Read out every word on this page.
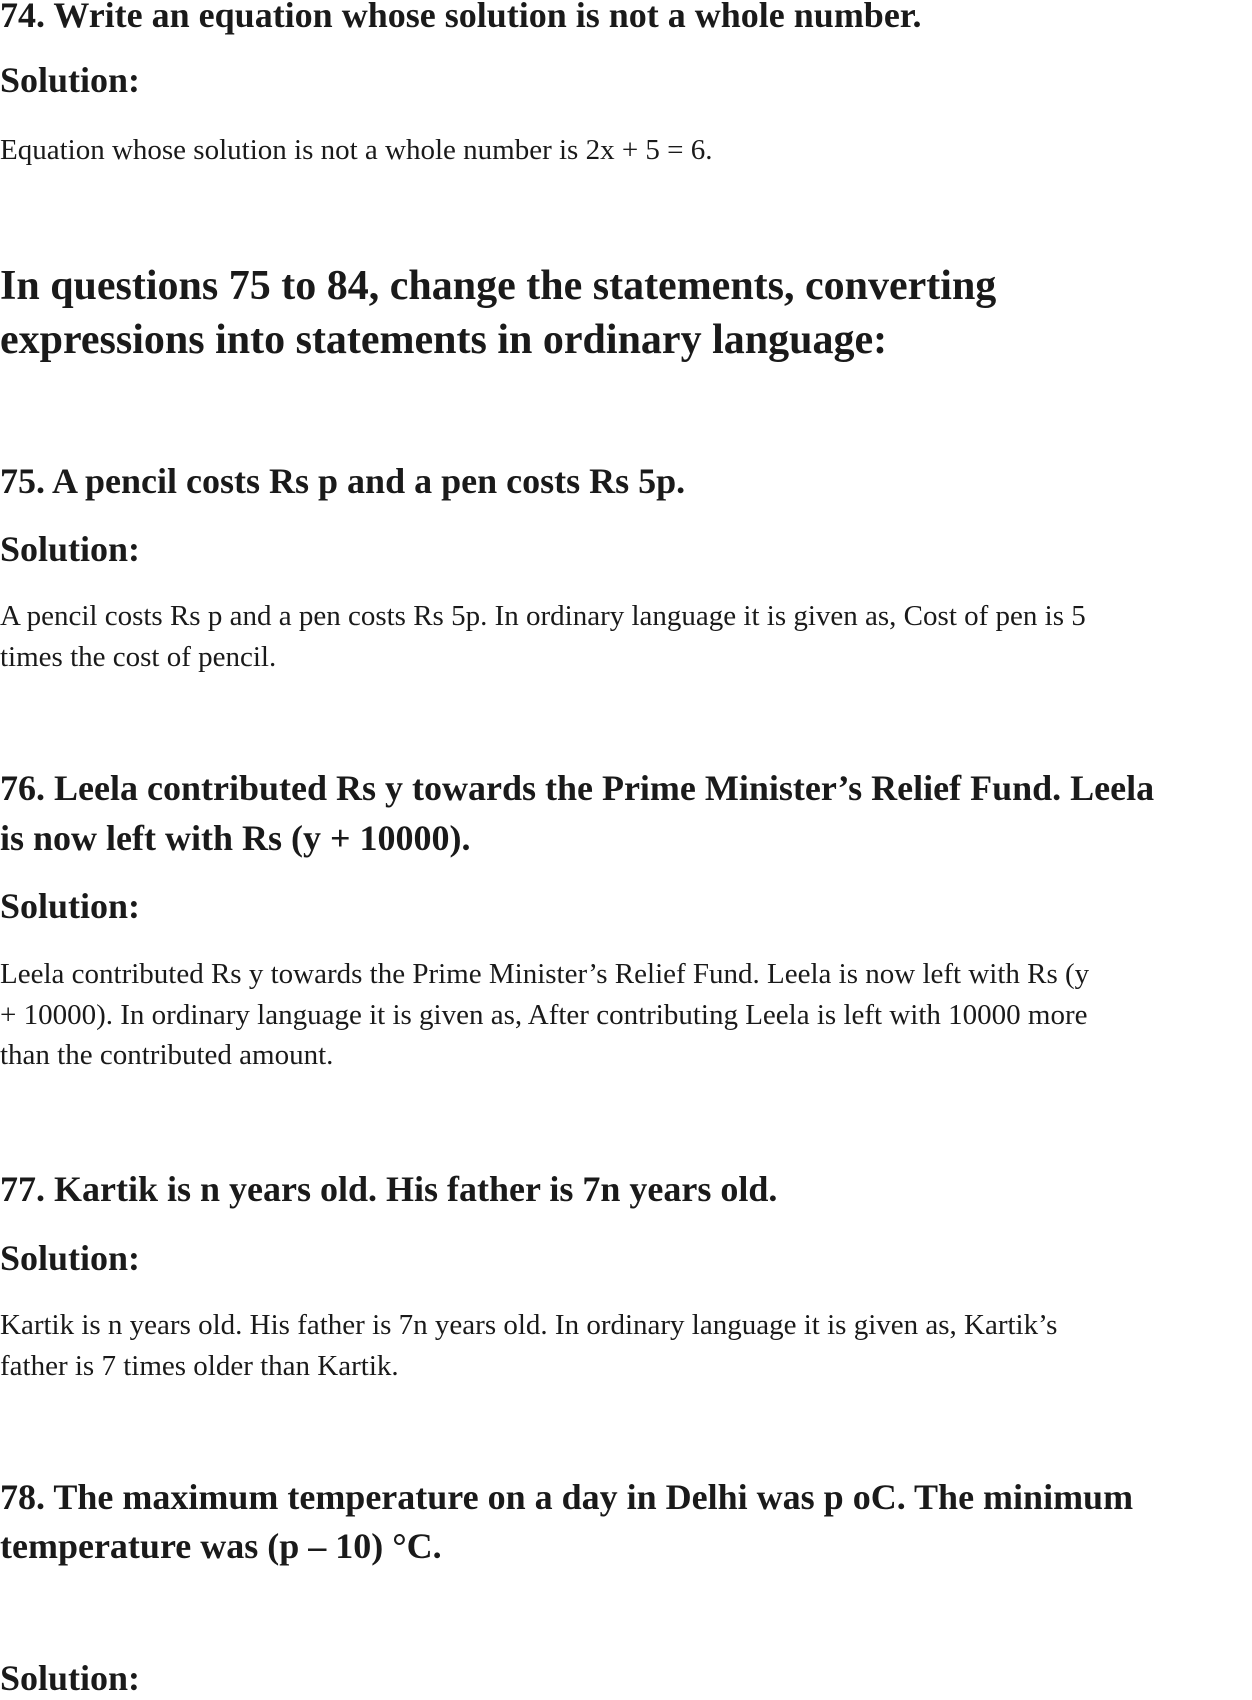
74. Write an equation whose solution is not a whole number.
Solution:
Equation whose solution is not a whole number is 2x + 5 = 6.
In questions 75 to 84, change the statements, converting
expressions into statements in ordinary language:
75. A pencil costs Rs p and a pen costs Rs 5p.
Solution:
A pencil costs Rs p and a pen costs Rs 5p. In ordinary language it is given as, Cost of pen is 5
times the cost of pencil.
76. Leela contributed Rs y towards the Prime Minister’s Relief Fund. Leela
is now left with Rs (y + 10000).
Solution:
Leela contributed Rs y towards the Prime Minister’s Relief Fund. Leela is now left with Rs (y
+ 10000). In ordinary language it is given as, After contributing Leela is left with 10000 more
than the contributed amount.
77. Kartik is n years old. His father is 7n years old.
Solution:
Kartik is n years old. His father is 7n years old. In ordinary language it is given as, Kartik’s
father is 7 times older than Kartik.
78. The maximum temperature on a day in Delhi was p oC. The minimum
temperature was (p – 10) °C.
Solution:
